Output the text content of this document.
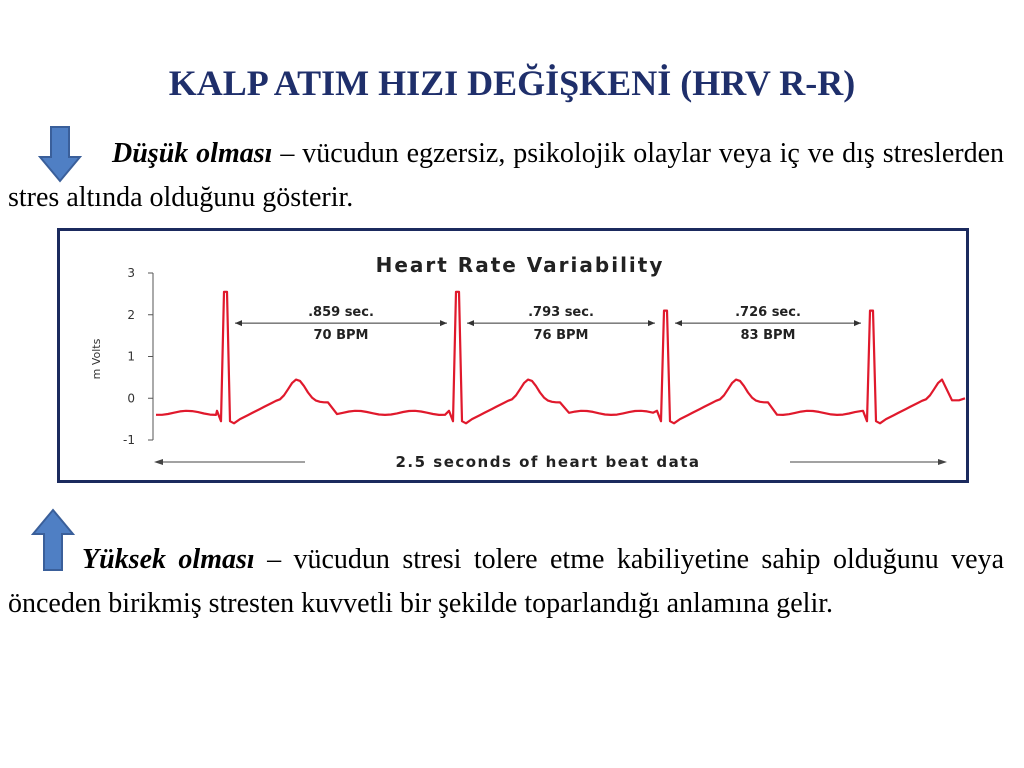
KALP ATIM HIZI DEĞİŞKENİ (HRV R-R)
Düşük olması – vücudun egzersiz, psikolojik olaylar veya iç ve dış streslerden stres altında olduğunu gösterir.
Heart Rate Variability
m Volts
3
2
1
0
-1
.859 sec.
70 BPM
.793 sec.
76 BPM
.726 sec.
83 BPM
2.5 seconds of heart beat data
Yüksek olması – vücudun stresi tolere etme kabiliyetine sahip olduğunu veya önceden birikmiş stresten kuvvetli bir şekilde toparlandığı anlamına gelir.
